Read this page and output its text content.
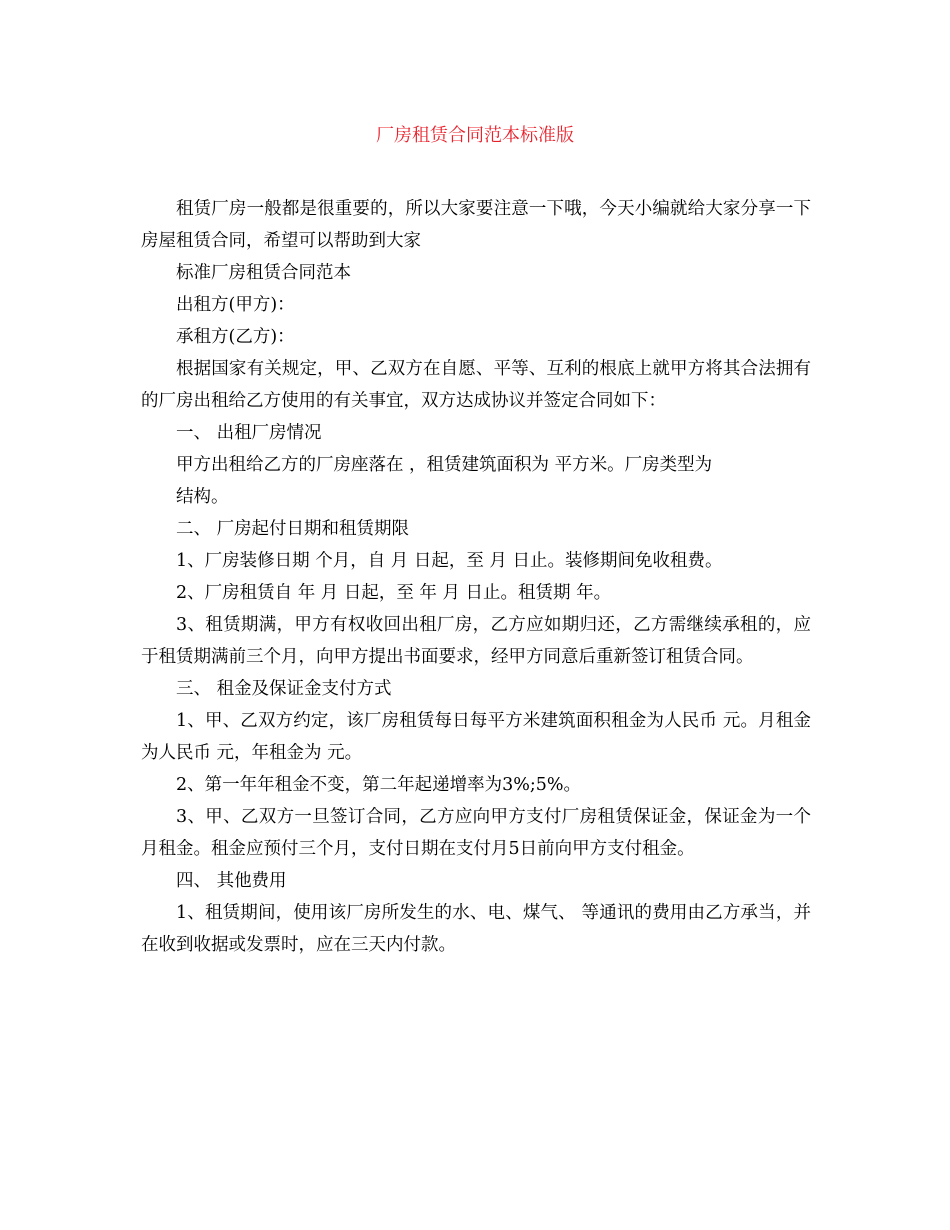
厂房租赁合同范本标准版

租赁厂房一般都是很重要的，所以大家要注意一下哦，今天小编就给大家分享一下房屋租赁合同，希望可以帮助到大家

标准厂房租赁合同范本

出租方(甲方)：

承租方(乙方)：

根据国家有关规定，甲、乙双方在自愿、平等、互利的根底上就甲方将其合法拥有的厂房出租给乙方使用的有关事宜，双方达成协议并签定合同如下：

一、 出租厂房情况

甲方出租给乙方的厂房座落在 ，租赁建筑面积为 平方米。厂房类型为

结构。

二、 厂房起付日期和租赁期限

1、厂房装修日期 个月，自 月 日起，至 月 日止。装修期间免收租费。

2、厂房租赁自 年 月 日起，至 年 月 日止。租赁期 年。

3、租赁期满，甲方有权收回出租厂房，乙方应如期归还，乙方需继续承租的，应于租赁期满前三个月，向甲方提出书面要求，经甲方同意后重新签订租赁合同。

三、 租金及保证金支付方式

1、甲、乙双方约定，该厂房租赁每日每平方米建筑面积租金为人民币 元。月租金为人民币 元，年租金为 元。

2、第一年年租金不变，第二年起递增率为3%;5%。

3、甲、乙双方一旦签订合同，乙方应向甲方支付厂房租赁保证金，保证金为一个月租金。租金应预付三个月，支付日期在支付月5日前向甲方支付租金。

四、 其他费用

1、租赁期间，使用该厂房所发生的水、电、煤气、 等通讯的费用由乙方承当，并在收到收据或发票时，应在三天内付款。
